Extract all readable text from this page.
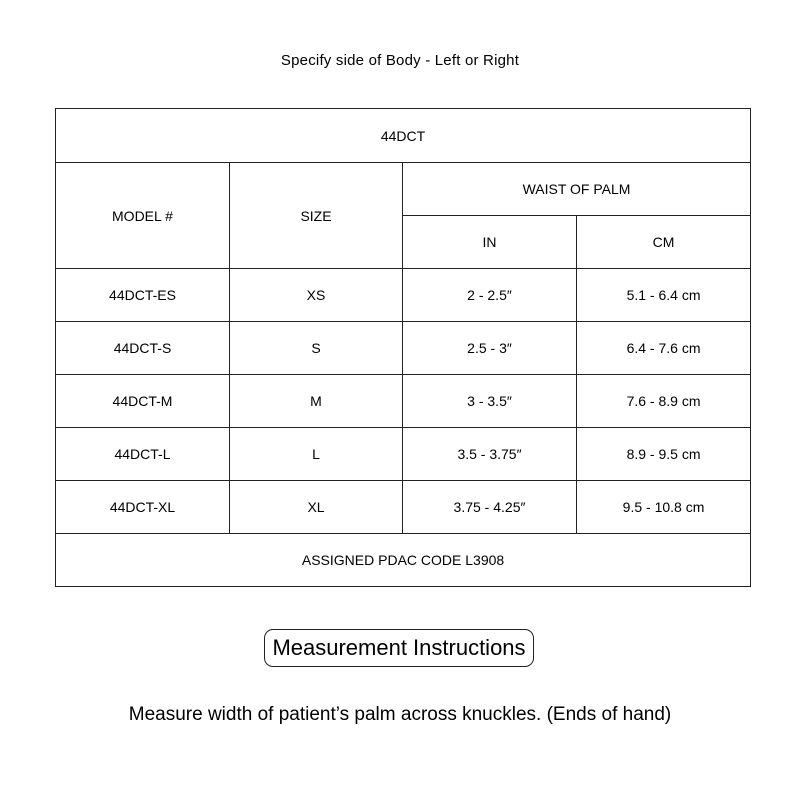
Specify side of Body - Left or Right
44DCT			
MODEL #	SIZE	WAIST OF PALM	
		IN	CM
44DCT-ES	XS	2 - 2.5″	5.1 - 6.4 cm
44DCT-S	S	2.5 - 3″	6.4 - 7.6 cm
44DCT-M	M	3 - 3.5″	7.6 - 8.9 cm
44DCT-L	L	3.5 - 3.75″	8.9 - 9.5 cm
44DCT-XL	XL	3.75 - 4.25″	9.5 - 10.8 cm
ASSIGNED PDAC CODE L3908			
Measurement Instructions
Measure width of patient’s palm across knuckles. (Ends of hand)
